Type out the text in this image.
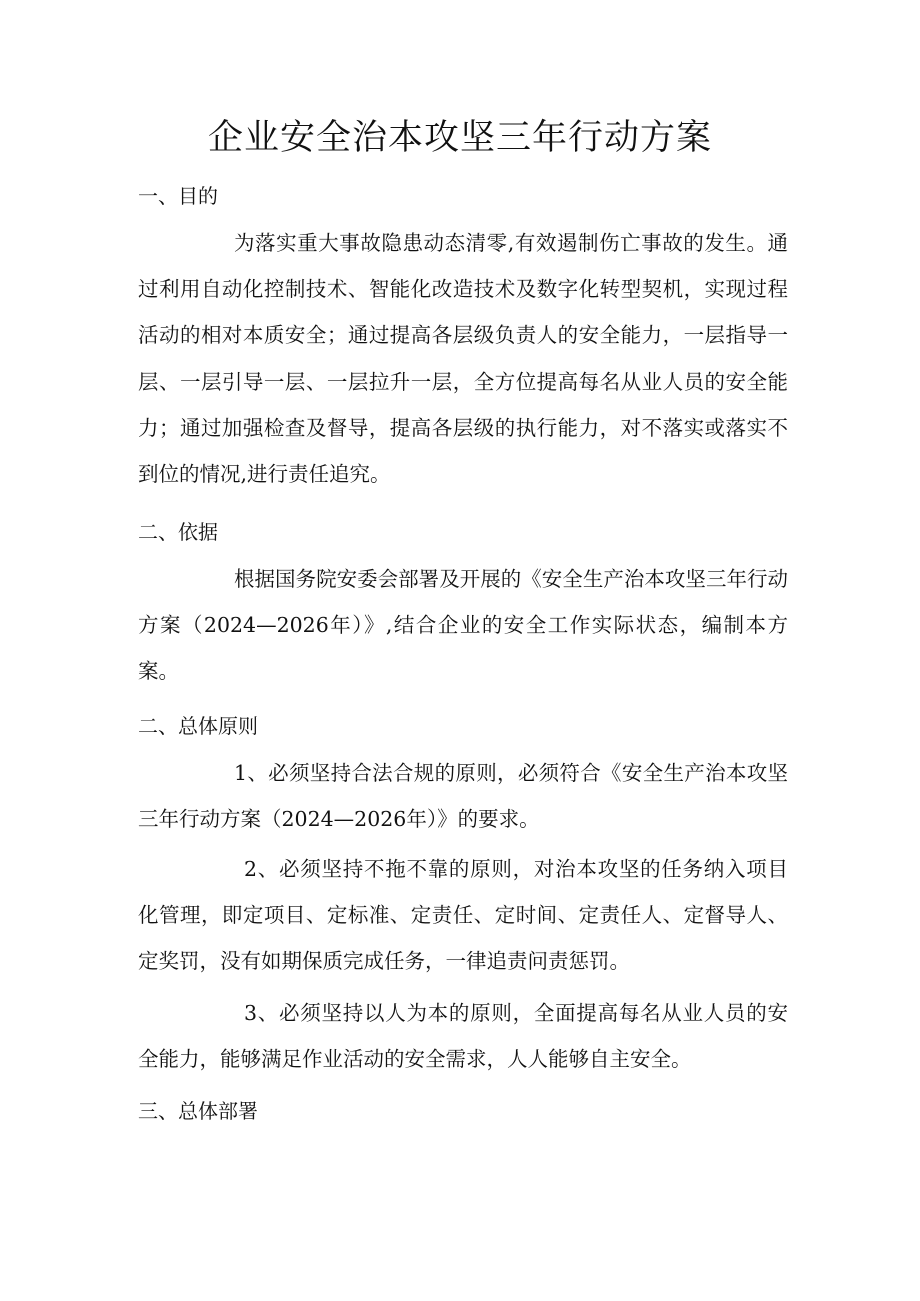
企业安全治本攻坚三年行动方案
一、目的

为落实重大事故隐患动态清零,有效遏制伤亡事故的发生。通过利用自动化控制技术、智能化改造技术及数字化转型契机，实现过程活动的相对本质安全；通过提高各层级负责人的安全能力，一层指导一层、一层引导一层、一层拉升一层，全方位提高每名从业人员的安全能力；通过加强检查及督导，提高各层级的执行能力，对不落实或落实不到位的情况,进行责任追究。

二、依据

根据国务院安委会部署及开展的《安全生产治本攻坚三年行动方案（2024—2026年）》,结合企业的安全工作实际状态，编制本方案。

二、总体原则

1、必须坚持合法合规的原则，必须符合《安全生产治本攻坚三年行动方案（2024—2026年）》的要求。

2、必须坚持不拖不靠的原则，对治本攻坚的任务纳入项目化管理，即定项目、定标准、定责任、定时间、定责任人、定督导人、定奖罚，没有如期保质完成任务，一律追责问责惩罚。

3、必须坚持以人为本的原则，全面提高每名从业人员的安全能力，能够满足作业活动的安全需求，人人能够自主安全。

三、总体部署
